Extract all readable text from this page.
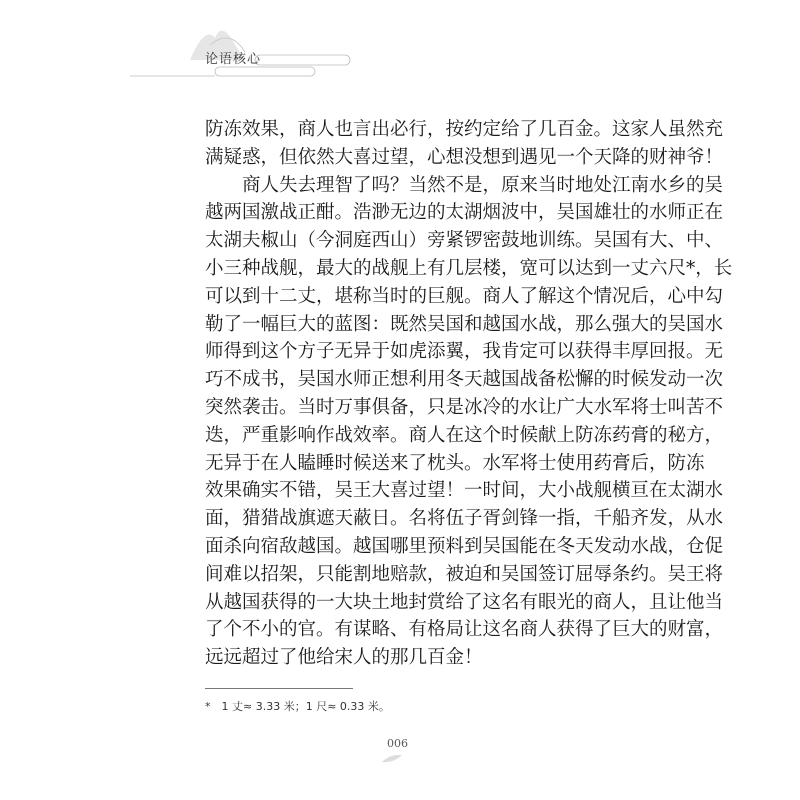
论语核心
防冻效果，商人也言出必行，按约定给了几百金。这家人虽然充
满疑惑，但依然大喜过望，心想没想到遇见一个天降的财神爷！
商人失去理智了吗？当然不是，原来当时地处江南水乡的吴
越两国激战正酣。浩渺无边的太湖烟波中，吴国雄壮的水师正在
太湖夫椒山（今洞庭西山）旁紧锣密鼓地训练。吴国有大、中、
小三种战舰，最大的战舰上有几层楼，宽可以达到一丈六尺*，长
可以到十二丈，堪称当时的巨舰。商人了解这个情况后，心中勾
勒了一幅巨大的蓝图：既然吴国和越国水战，那么强大的吴国水
师得到这个方子无异于如虎添翼，我肯定可以获得丰厚回报。无
巧不成书，吴国水师正想利用冬天越国战备松懈的时候发动一次
突然袭击。当时万事俱备，只是冰冷的水让广大水军将士叫苦不
迭，严重影响作战效率。商人在这个时候献上防冻药膏的秘方，
无异于在人瞌睡时候送来了枕头。水军将士使用药膏后，防冻
效果确实不错，吴王大喜过望！一时间，大小战舰横亘在太湖水
面，猎猎战旗遮天蔽日。名将伍子胥剑锋一指，千船齐发，从水
面杀向宿敌越国。越国哪里预料到吴国能在冬天发动水战，仓促
间难以招架，只能割地赔款，被迫和吴国签订屈辱条约。吴王将
从越国获得的一大块土地封赏给了这名有眼光的商人，且让他当
了个不小的官。有谋略、有格局让这名商人获得了巨大的财富，
远远超过了他给宋人的那几百金！
*　1 丈≈ 3.33 米；1 尺≈ 0.33 米。
006
